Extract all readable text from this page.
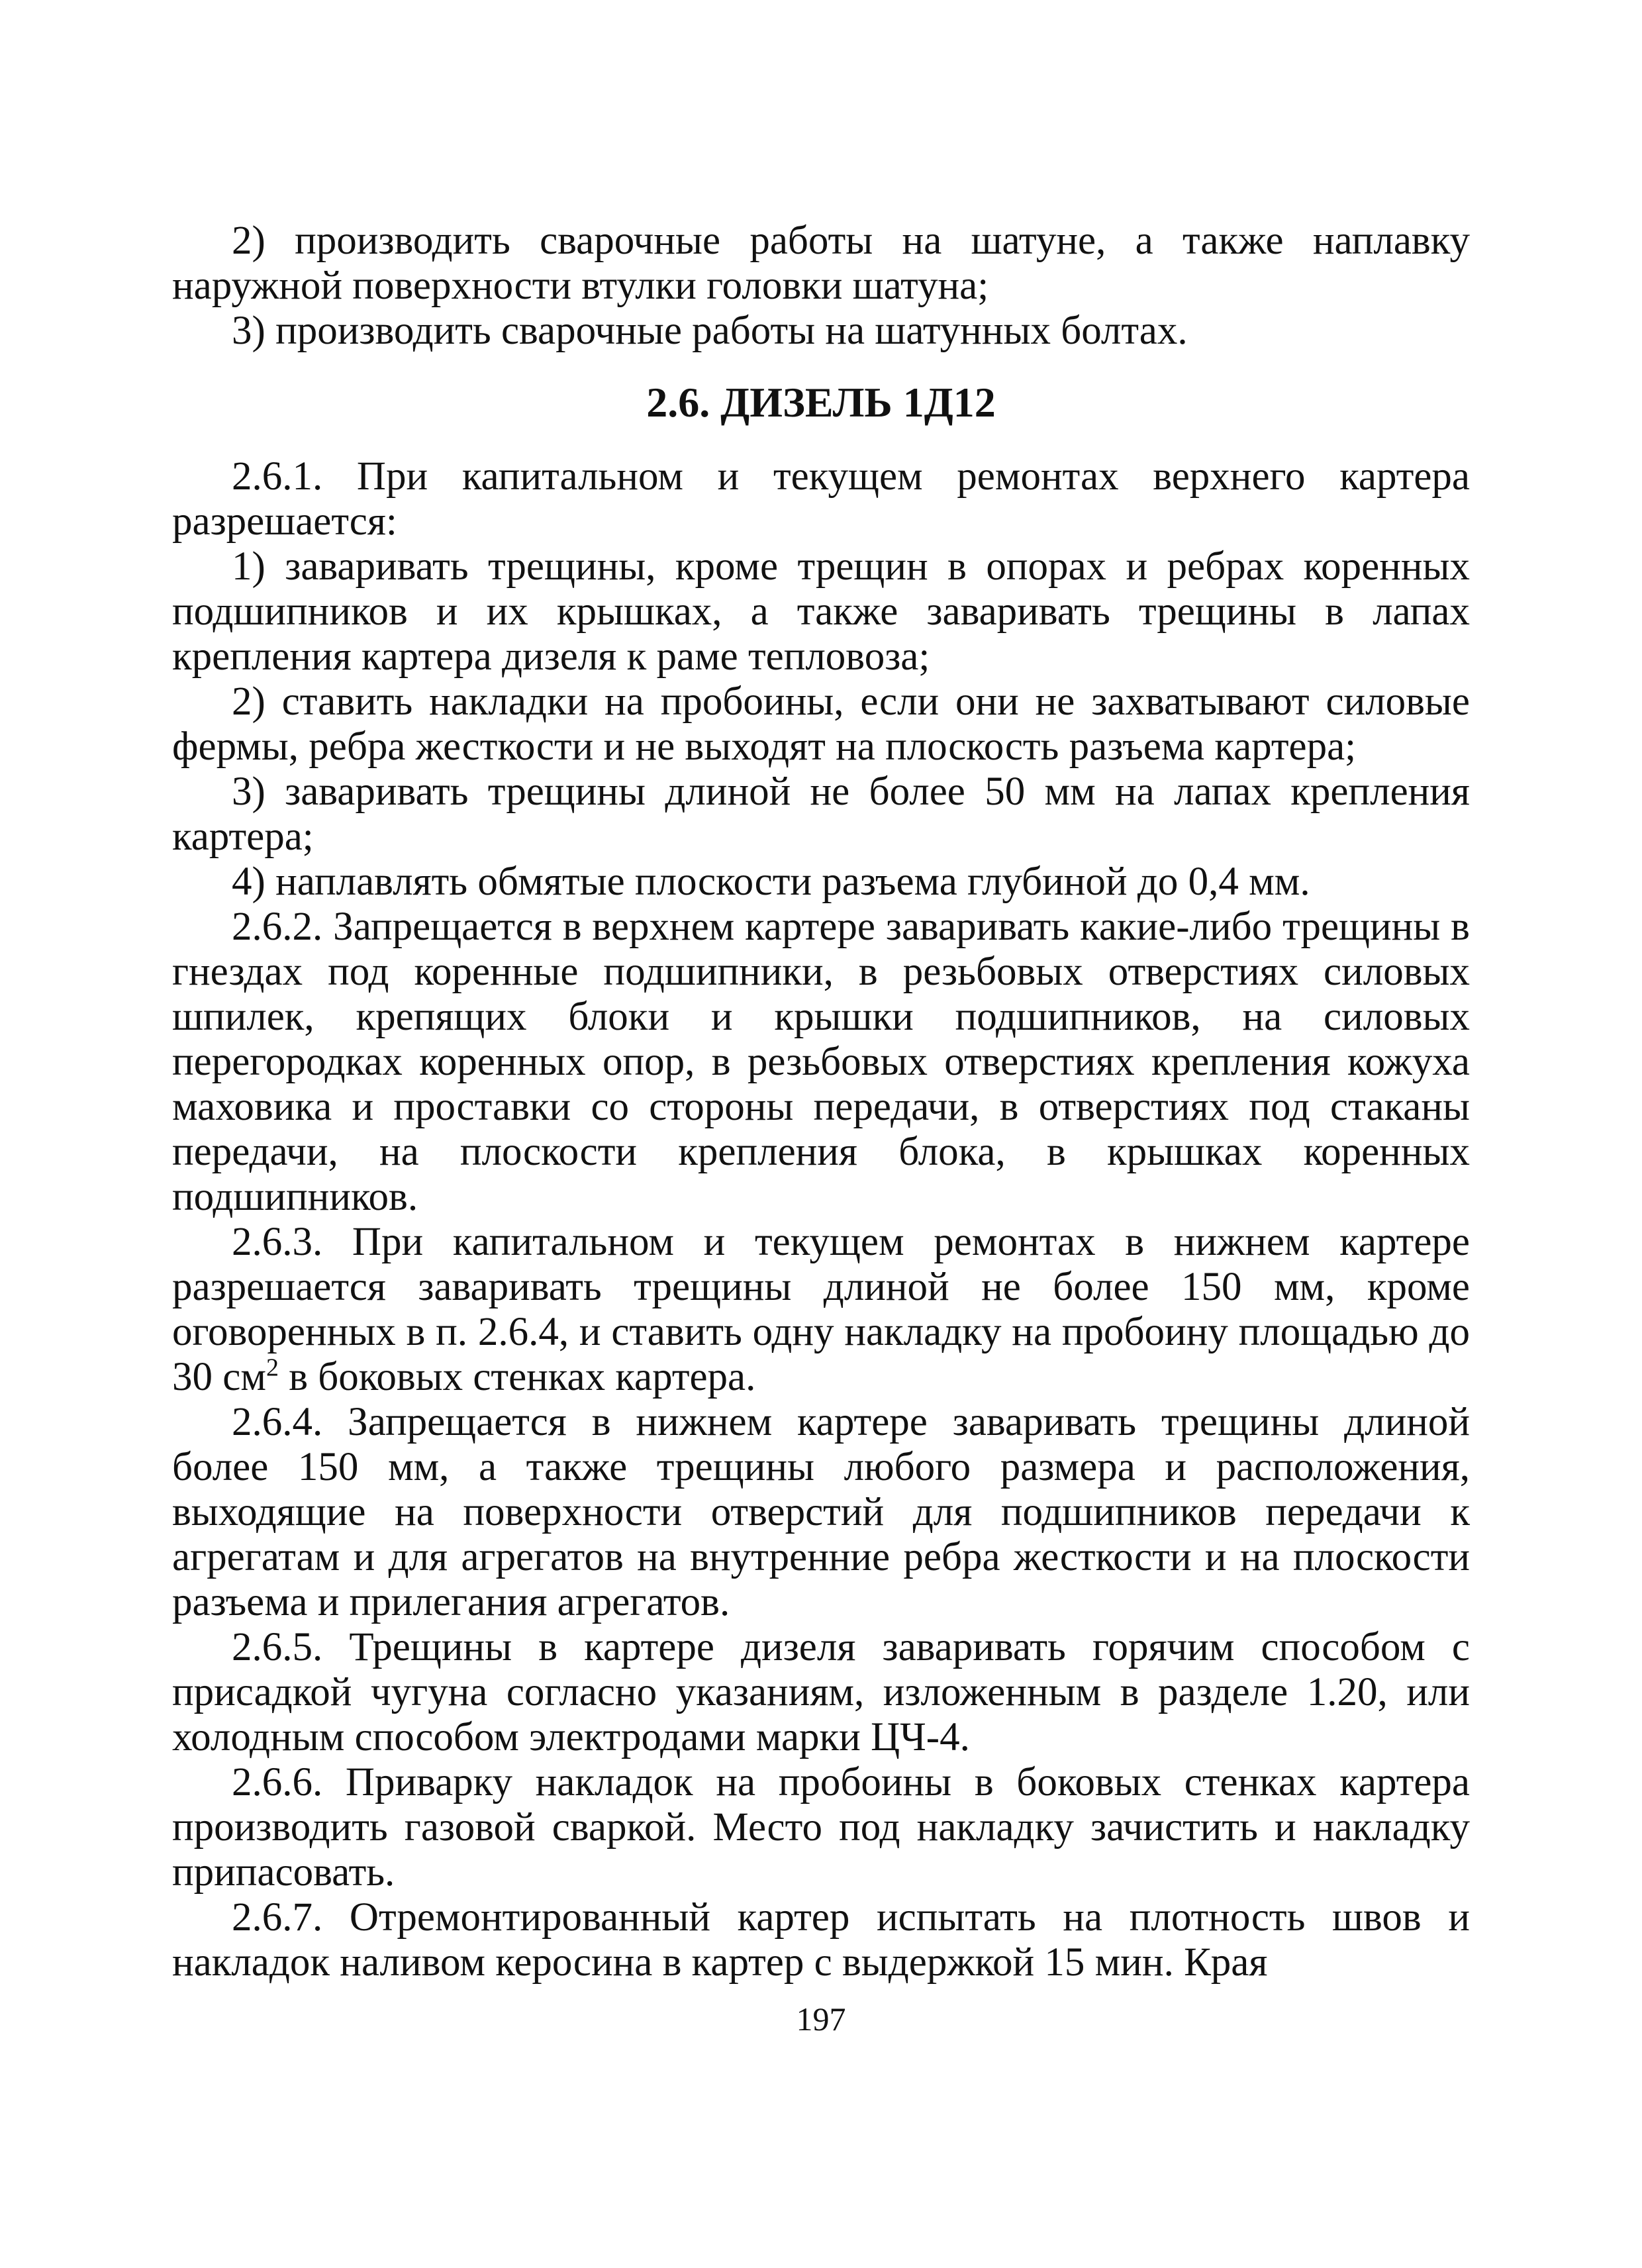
2) производить сварочные работы на шатуне, а также наплавку наружной поверхности втулки головки шатуна;

3) производить сварочные работы на шатунных болтах.

2.6. ДИЗЕЛЬ 1Д12

2.6.1. При капитальном и текущем ремонтах верхнего картера разрешается:

1) заваривать трещины, кроме трещин в опорах и ребрах коренных подшипников и их крышках, а также заваривать трещины в лапах крепления картера дизеля к раме тепловоза;

2) ставить накладки на пробоины, если они не захватывают силовые фермы, ребра жесткости и не выходят на плоскость разъема картера;

3) заваривать трещины длиной не более 50 мм на лапах крепления картера;

4) наплавлять обмятые плоскости разъема глубиной до 0,4 мм.

2.6.2. Запрещается в верхнем картере заваривать какие-либо трещины в гнездах под коренные подшипники, в резьбовых отверстиях силовых шпилек, крепящих блоки и крышки подшипников, на силовых перегородках коренных опор, в резьбовых отверстиях крепления кожуха маховика и проставки со стороны передачи, в отверстиях под стаканы передачи, на плоскости крепления блока, в крышках коренных подшипников.

2.6.3. При капитальном и текущем ремонтах в нижнем картере разрешается заваривать трещины длиной не более 150 мм, кроме оговоренных в п. 2.6.4, и ставить одну накладку на пробоину площадью до 30 $см^2$ в боковых стенках картера.

2.6.4. Запрещается в нижнем картере заваривать трещины длиной более 150 мм, а также трещины любого размера и расположения, выходящие на поверхности отверстий для подшипников передачи к агрегатам и для агрегатов на внутренние ребра жесткости и на плоскости разъема и прилегания агрегатов.

2.6.5. Трещины в картере дизеля заваривать горячим способом с присадкой чугуна согласно указаниям, изложенным в разделе 1.20, или холодным способом электродами марки ЦЧ-4.

2.6.6. Приварку накладок на пробоины в боковых стенках картера производить газовой сваркой. Место под накладку зачистить и накладку припасовать.

2.6.7. Отремонтированный картер испытать на плотность швов и накладок наливом керосина в картер с выдержкой 15 мин. Края

197
